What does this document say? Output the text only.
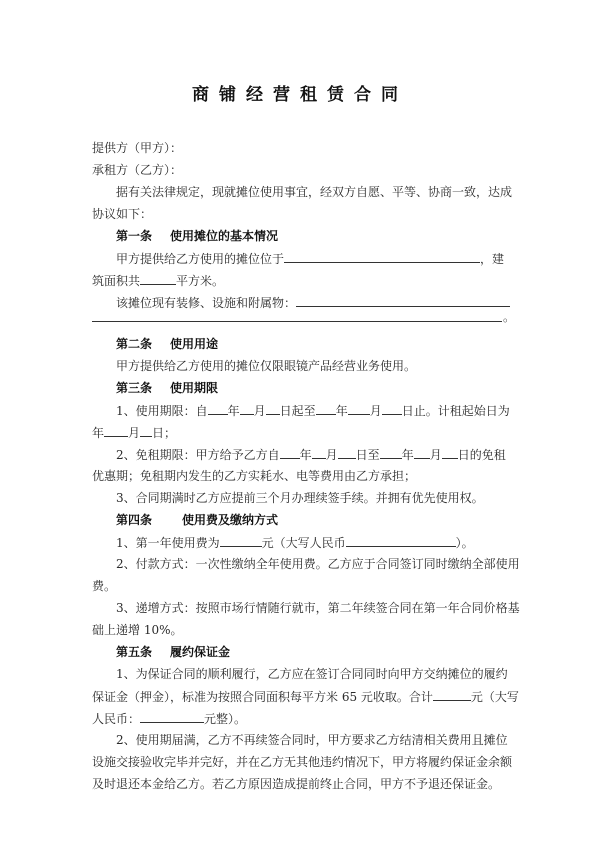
商铺经营租赁合同
提供方（甲方）：
承租方（乙方）：
据有关法律规定，现就摊位使用事宜，经双方自愿、平等、协商一致，达成
协议如下：
第一条 使用摊位的基本情况
甲方提供给乙方使用的摊位位于	，建
筑面积共	平方米。
该摊位现有装修、设施和附属物：
。
第二条 使用用途
甲方提供给乙方使用的摊位仅限眼镜产品经营业务使用。
第三条 使用期限
1、使用期限：自 年 月 日起至 年 月 日止。计租起始日为
年 月 日；
2、免租期限：甲方给予乙方自 年 月 日至 年 月 日的免租
优惠期；免租期内发生的乙方实耗水、电等费用由乙方承担；
3、合同期满时乙方应提前三个月办理续签手续。并拥有优先使用权。
第四条	使用费及缴纳方式
1、第一年使用费为	元（大写人民币	）。
2、付款方式：一次性缴纳全年使用费。乙方应于合同签订同时缴纳全部使用
费。
3、递增方式：按照市场行情随行就市，第二年续签合同在第一年合同价格基
础上递增 10%。
第五条 履约保证金
1、为保证合同的顺利履行，乙方应在签订合同同时向甲方交纳摊位的履约
保证金（押金），标准为按照合同面积每平方米 65 元收取。合计	元（大写
人民币：	元整）。
2、使用期届满，乙方不再续签合同时，甲方要求乙方结清相关费用且摊位
设施交接验收完毕并完好，并在乙方无其他违约情况下，甲方将履约保证金余额
及时退还本金给乙方。若乙方原因造成提前终止合同，甲方不予退还保证金。
